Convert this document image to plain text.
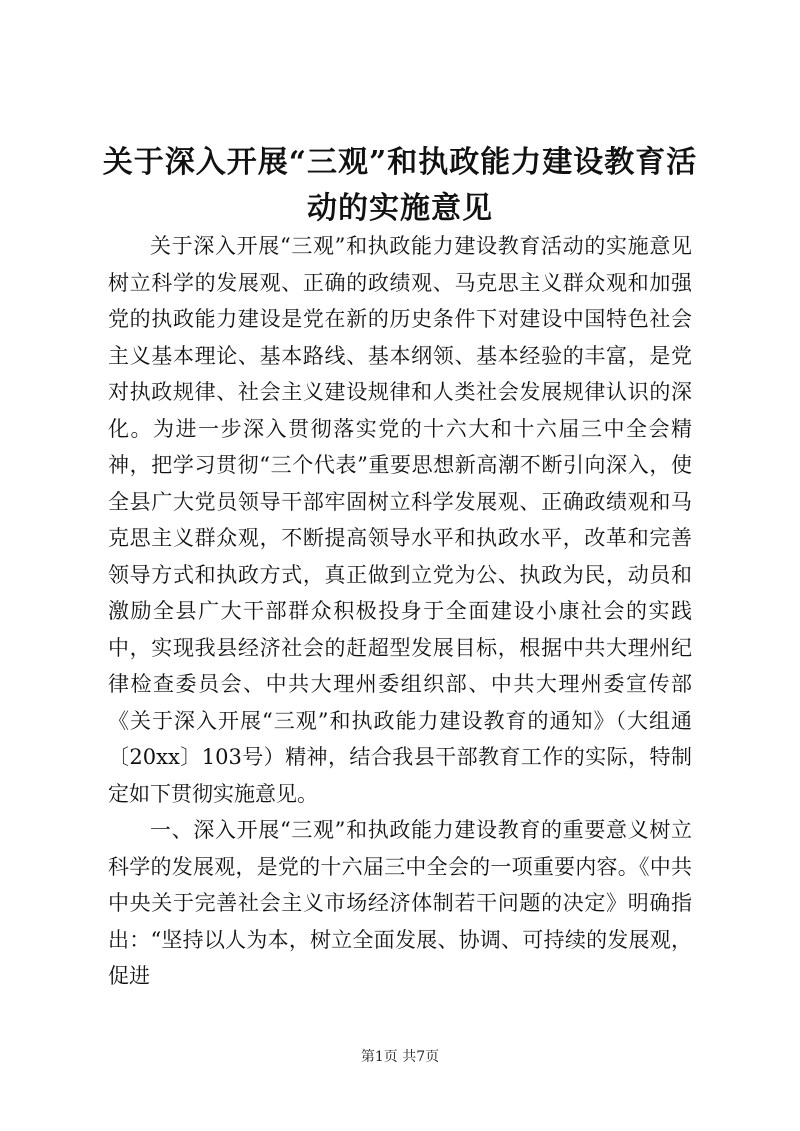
关于深入开展“三观”和执政能力建设教育活动的实施意见

关于深入开展“三观”和执政能力建设教育活动的实施意见树立科学的发展观、正确的政绩观、马克思主义群众观和加强党的执政能力建设是党在新的历史条件下对建设中国特色社会主义基本理论、基本路线、基本纲领、基本经验的丰富，是党对执政规律、社会主义建设规律和人类社会发展规律认识的深化。为进一步深入贯彻落实党的十六大和十六届三中全会精神，把学习贯彻“三个代表”重要思想新高潮不断引向深入，使全县广大党员领导干部牢固树立科学发展观、正确政绩观和马克思主义群众观，不断提高领导水平和执政水平，改革和完善领导方式和执政方式，真正做到立党为公、执政为民，动员和激励全县广大干部群众积极投身于全面建设小康社会的实践中，实现我县经济社会的赶超型发展目标，根据中共大理州纪律检查委员会、中共大理州委组织部、中共大理州委宣传部《关于深入开展“三观”和执政能力建设教育的通知》（大组通〔20xx〕103号）精神，结合我县干部教育工作的实际，特制定如下贯彻实施意见。

一、深入开展“三观”和执政能力建设教育的重要意义树立科学的发展观，是党的十六届三中全会的一项重要内容。《中共中央关于完善社会主义市场经济体制若干问题的决定》明确指出：“坚持以人为本，树立全面发展、协调、可持续的发展观，促进

第1页 共7页
